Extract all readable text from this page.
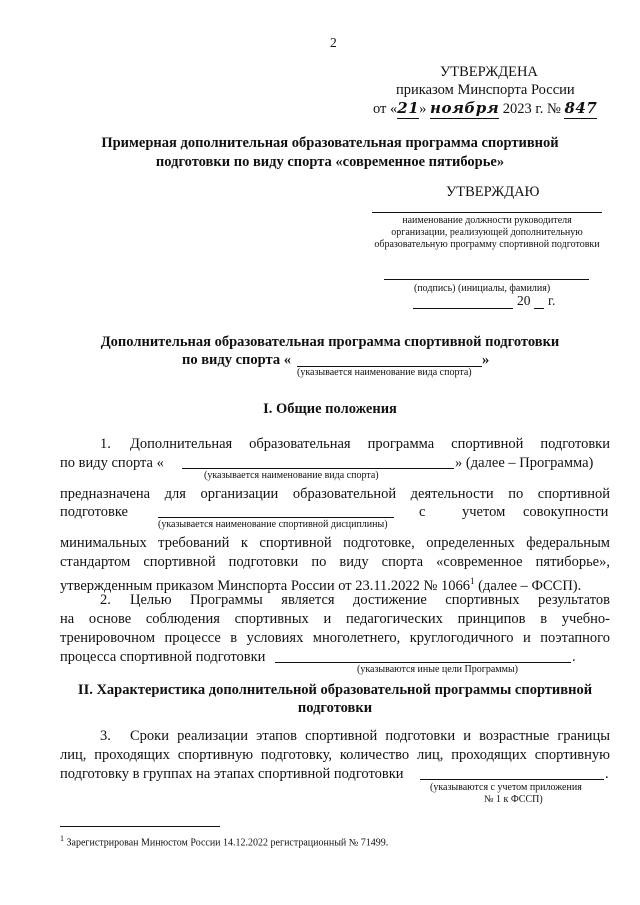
2
УТВЕРЖДЕНА
приказом Минспорта России
от «21» ноября 2023 г. № 847
Примерная дополнительная образовательная программа спортивной
подготовки по виду спорта «современное пятиборье»
УТВЕРЖДАЮ
наименование должности руководителя
организации, реализующей дополнительную
образовательную программу спортивной подготовки
(подпись) (инициалы, фамилия)
20 г.
Дополнительная образовательная программа спортивной подготовки
по виду спорта «	»
(указывается наименование вида спорта)
I. Общие положения
1. Дополнительная образовательная программа спортивной подготовки
по виду спорта «	» (далее – Программа)
(указывается наименование вида спорта)
предназначена для организации образовательной деятельности по спортивной
подготовке	с	учетом совокупности
(указывается наименование спортивной дисциплины)
минимальных требований к спортивной подготовке, определенных федеральным
стандартом спортивной подготовки по виду спорта «современное пятиборье»,
утвержденным приказом Минспорта России от 23.11.2022 № 1066$^1$ (далее – ФССП).
2. Целью Программы является достижение спортивных результатов
на основе соблюдения спортивных и педагогических принципов в учебно-
тренировочном процессе в условиях многолетнего, круглогодичного и поэтапного
процесса спортивной подготовки	.
(указываются иные цели Программы)
II. Характеристика дополнительной образовательной программы спортивной
подготовки
3. Сроки реализации этапов спортивной подготовки и возрастные границы
лиц, проходящих спортивную подготовку, количество лиц, проходящих спортивную
подготовку в группах на этапах спортивной подготовки	.
(указываются с учетом приложения
№ 1 к ФССП)
$^1$ Зарегистрирован Минюстом России 14.12.2022 регистрационный № 71499.
